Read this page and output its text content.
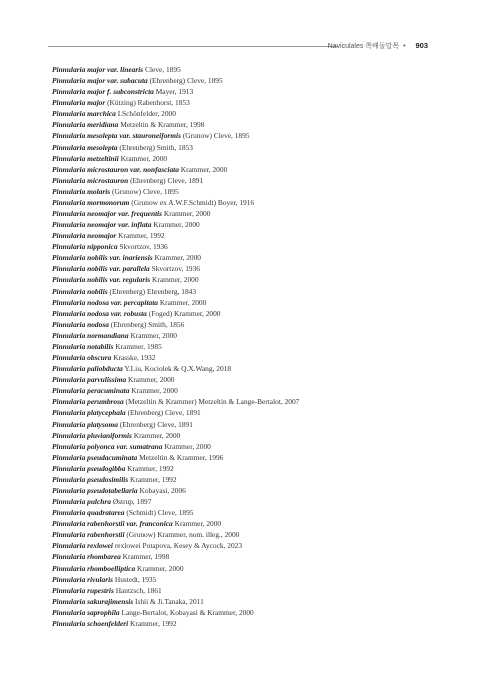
Naviculales 쪽배돌말목 • 903
Pinnularia major var. linearis Cleve, 1895
Pinnularia major var. subacuta (Ehrenberg) Cleve, 1895
Pinnularia major f. subconstricta Mayer, 1913
Pinnularia major (Kützing) Rabenhorst, 1853
Pinnularia marchica I.Schönfelder, 2000
Pinnularia meridiana Metzeltin & Krammer, 1998
Pinnularia mesolepta var. stauroneiformis (Grunow) Cleve, 1895
Pinnularia mesolepta (Ehrenberg) Smith, 1853
Pinnularia metzeltinii Krammer, 2000
Pinnularia microstauron var. nonfasciata Krammer, 2000
Pinnularia microstauron (Ehrenberg) Cleve, 1891
Pinnularia molaris (Grunow) Cleve, 1895
Pinnularia mormonorum (Grunow ex A.W.F.Schmidt) Boyer, 1916
Pinnularia neomajor var. frequentis Krammer, 2000
Pinnularia neomajor var. inflata Krammer, 2000
Pinnularia neomajor Krammer, 1992
Pinnularia nipponica Skvortzov, 1936
Pinnularia nobilis var. inariensis Krammer, 2000
Pinnularia nobilis var. parallela Skvortzov, 1936
Pinnularia nobilis var. regularis Krammer, 2000
Pinnularia nobilis (Ehrenberg) Ehrenberg, 1843
Pinnularia nodosa var. percapitata Krammer, 2000
Pinnularia nodosa var. robusta (Foged) Krammer, 2000
Pinnularia nodosa (Ehrenberg) Smith, 1856
Pinnularia normandiana Krammer, 2000
Pinnularia notabilis Krammer, 1985
Pinnularia obscura Krasske, 1932
Pinnularia paliobducta Y.Liu, Kociolek & Q.X.Wang, 2018
Pinnularia parvulissima Krammer, 2000
Pinnularia peracuminata Krammer, 2000
Pinnularia perumbrosa (Metzeltin & Krammer) Metzeltin & Lange-Bertalot, 2007
Pinnularia platycephala (Ehrenberg) Cleve, 1891
Pinnularia platysoma (Ehrenberg) Cleve, 1891
Pinnularia pluvianiformis Krammer, 2000
Pinnularia polyonca var. sumatrana Krammer, 2000
Pinnularia pseudacuminata Metzeltin & Krammer, 1996
Pinnularia pseudogibba Krammer, 1992
Pinnularia pseudosimilis Krammer, 1992
Pinnularia pseudotabellaria Kobayasi, 2006
Pinnularia pulchra Østrup, 1897
Pinnularia quadratarea (Schmidt) Cleve, 1895
Pinnularia rabenhorstii var. franconica Krammer, 2000
Pinnularia rabenhorstii (Grunow) Krammer, nom. illeg., 2000
Pinnularia rexlowei rexlowei Potapova, Kesey & Aycock, 2023
Pinnularia rhombarea Krammer, 1998
Pinnularia rhomboelliptica Krammer, 2000
Pinnularia rivularis Hustedt, 1935
Pinnularia rupestris Hantzsch, 1861
Pinnularia sakurajimensis Ishii & Ji.Tanaka, 2011
Pinnularia saprophila Lange-Bertalot, Kobayasi & Krammer, 2000
Pinnularia schoenfelderi Krammer, 1992
